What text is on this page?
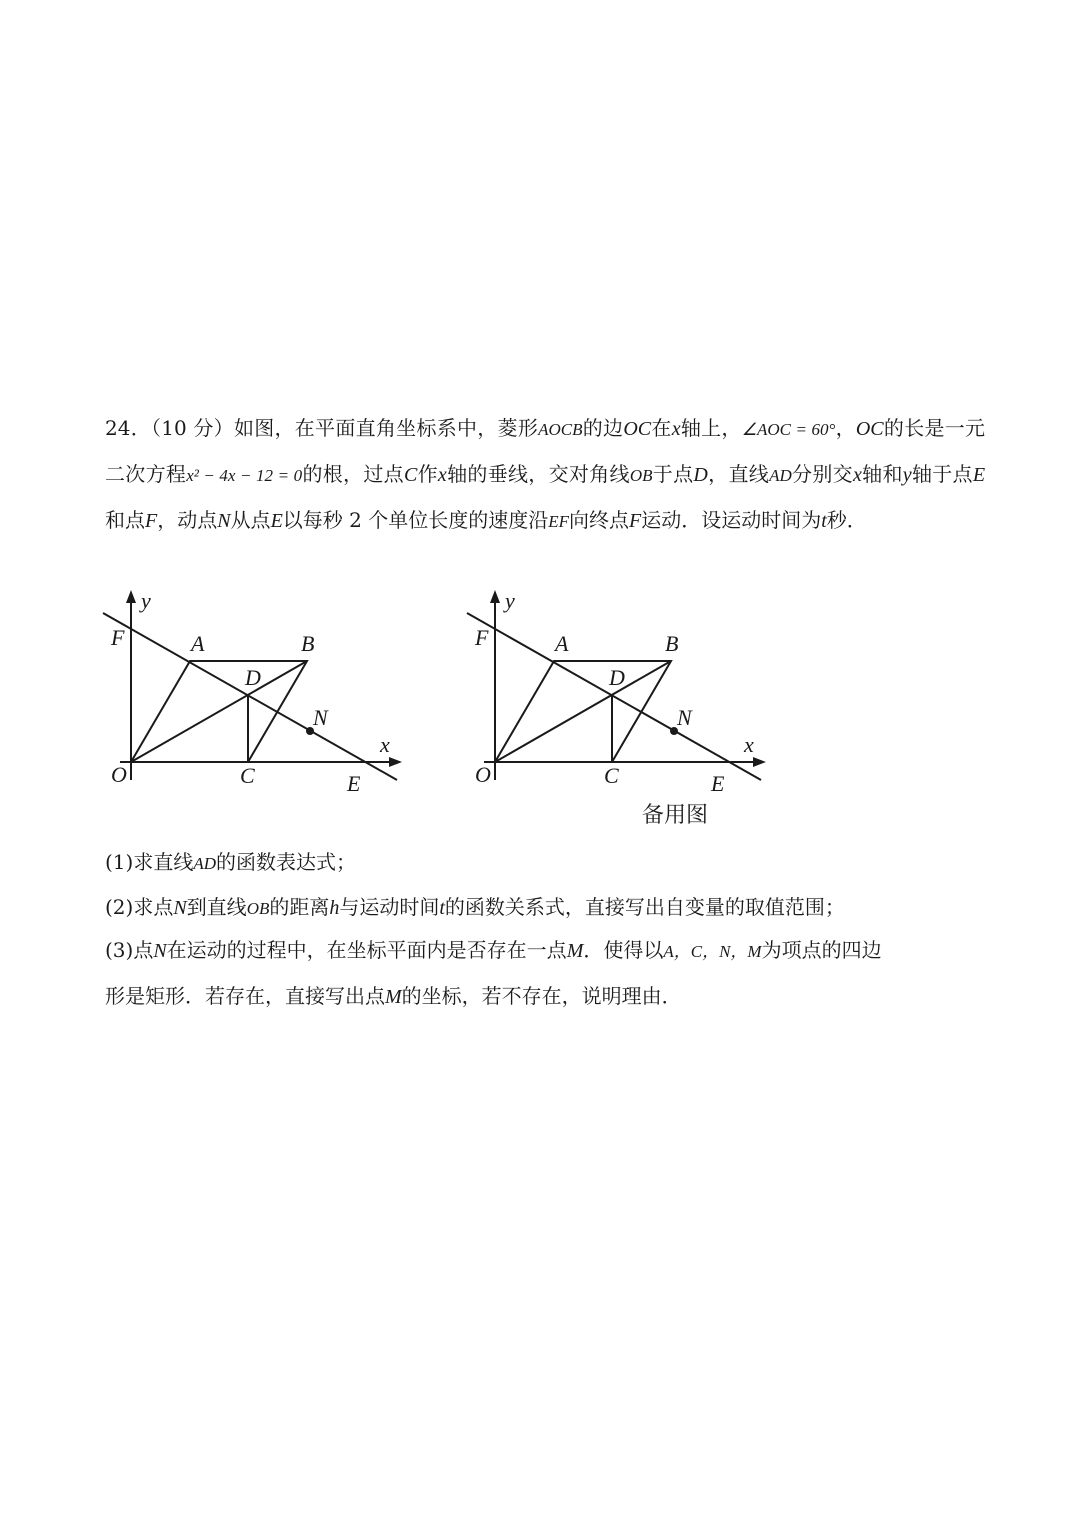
24．（10 分）如图，在平面直角坐标系中，菱形AOCB的边OC在x轴上，∠AOC = 60°，OC的长是一元二次方程x² − 4x − 12 = 0的根，过点C作x轴的垂线，交对角线OB于点D，直线AD分别交x轴和y轴于点E和点F，动点N从点E以每秒 2 个单位长度的速度沿EF向终点F运动．设运动时间为t秒．

y
F	A	B
D
N
x
O	C	E
y
F	A	B
D
N
x
O	C	E
备用图
(1)求直线AD的函数表达式；
(2)求点N到直线OB的距离h与运动时间t的函数关系式，直接写出自变量的取值范围；
(3)点N在运动的过程中，在坐标平面内是否存在一点M．使得以A，C，N，M为项点的四边
形是矩形．若存在，直接写出点M的坐标，若不存在，说明理由．
